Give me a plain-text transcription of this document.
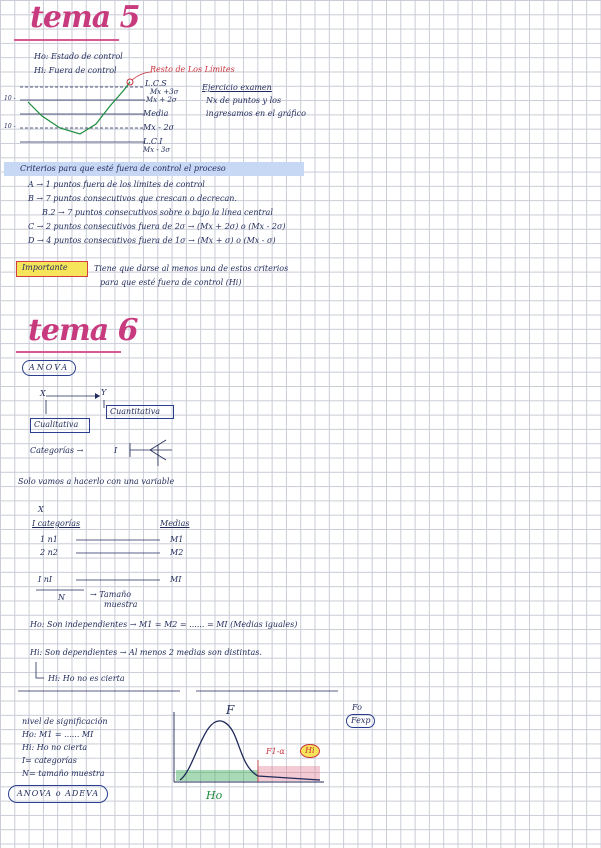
tema 5
Ho: Estado de control
Hi: Fuera de control	Resto de Los Límites
10 -
10 -
L.C.S
Mx +3σ
Mx + 2σ
Media
Mx - 2σ
L.C.I
Mx - 3σ
Ejercicio examen
Nx de puntos y los
ingresamos en el gráfico
Criterios para que esté fuera de control el proceso
A → 1 puntos fuera de los límites de control
B → 7 puntos consecutivos que crescan o decrecan.
B.2 → 7 puntos consecutivos sobre o bajo la línea central
C → 2 puntos consecutivos fuera de 2σ → (Mx + 2σ) o (Mx - 2σ)
D → 4 puntos consecutivos fuera de 1σ → (Mx + σ) o (Mx - σ)
Importante	Tiene que darse al menos una de estos criterios
para que esté fuera de control (Hi)
tema 6
ANOVA
X	Y
Cuantitativa
Cualitativa
Categorías →	I
Solo vamos a hacerlo con una variable
X
I categorías	Medias
1 n1	M1
2 n2	M2
I nI	MI
N	→ Tamaño
muestra
Ho: Son independientes → M1 = M2 = ...... = MI (Medias iguales)
Hi: Son dependientes → Al menos 2 medias son distintas.
Hi: Ho no es cierta
nivel de significación
Ho: M1 = ...... MI
Hi: Ho no cierta
I= categorías
N= tamaño muestra
ANOVA o ADEVA
F
F1-α	Hi
Ho
Fo
Fexp
